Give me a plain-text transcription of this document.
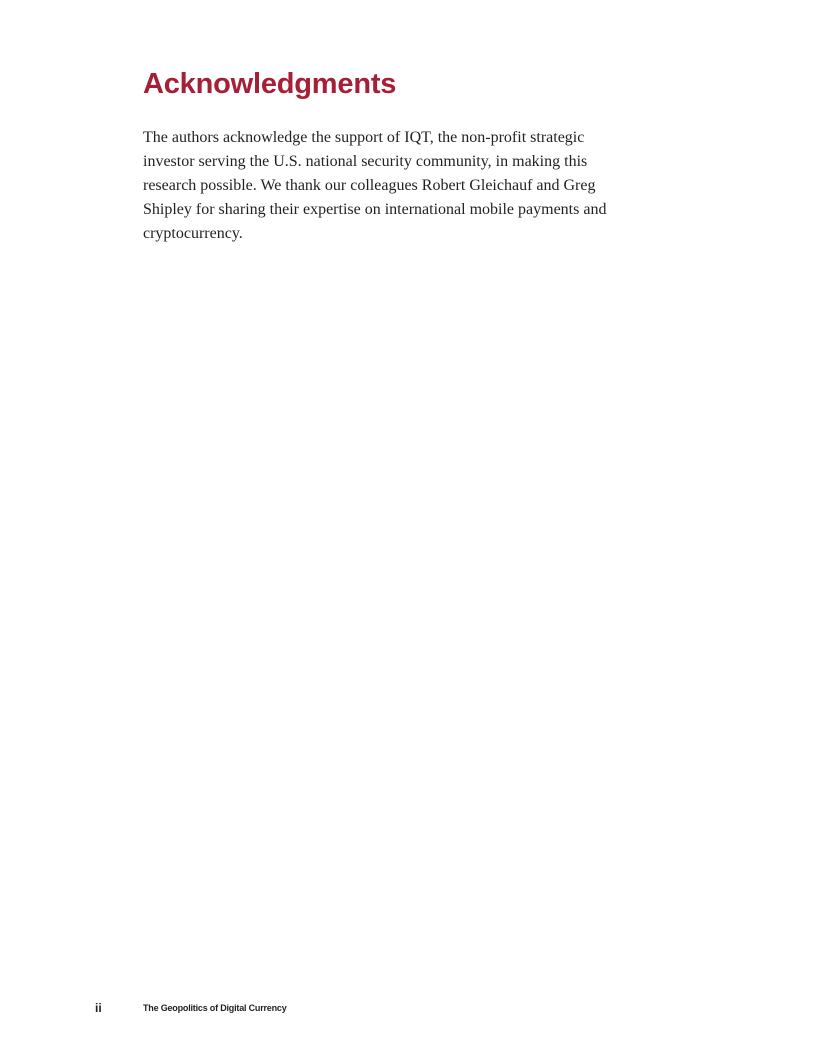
Acknowledgments

The authors acknowledge the support of IQT, the non-profit strategic investor serving the U.S. national security community, in making this research possible. We thank our colleagues Robert Gleichauf and Greg Shipley for sharing their expertise on international mobile payments and cryptocurrency.

ii	The Geopolitics of Digital Currency
